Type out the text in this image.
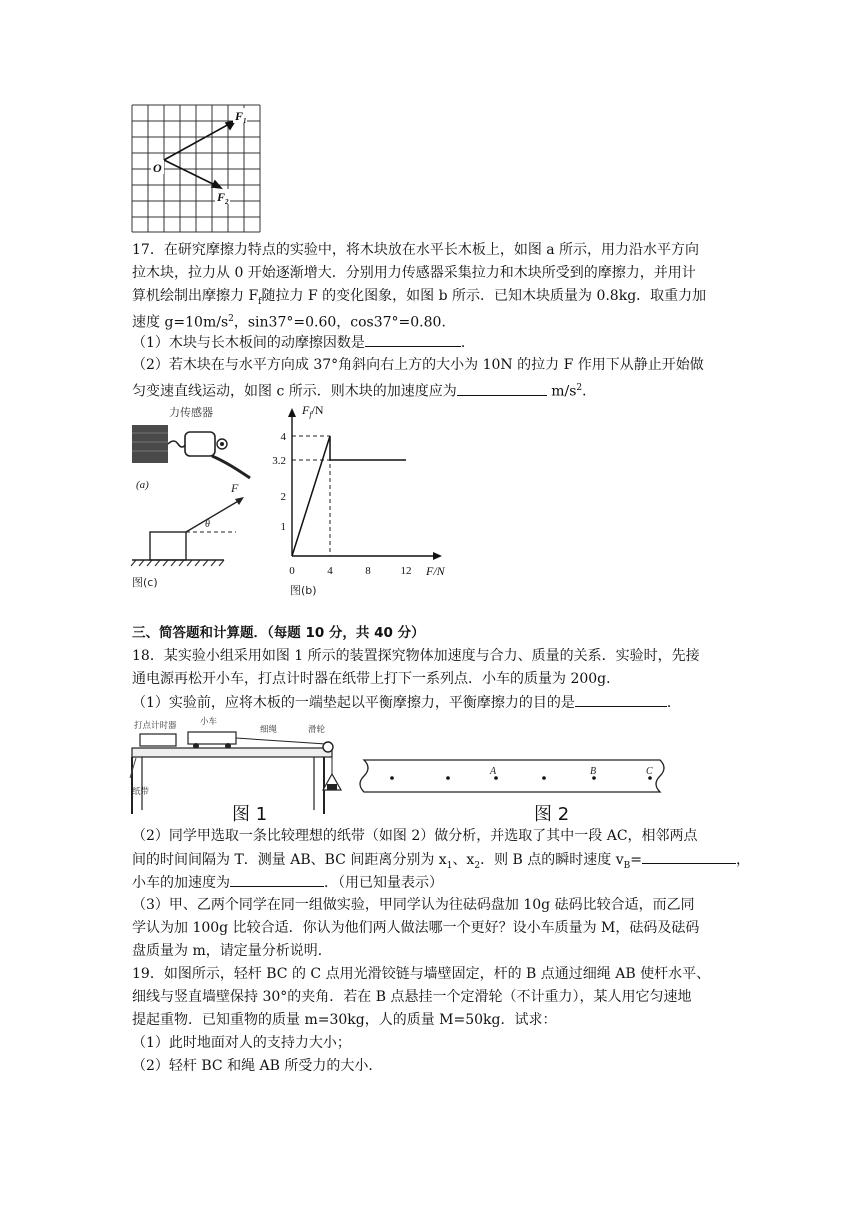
O
$F_1$
$F_2$
17．在研究摩擦力特点的实验中，将木块放在水平长木板上，如图 a 所示，用力沿水平方向
拉木块，拉力从 0 开始逐渐增大．分别用力传感器采集拉力和木块所受到的摩擦力，并用计
算机绘制出摩擦力 $F_f$随拉力 F 的变化图象，如图 b 所示．已知木块质量为 0.8kg．取重力加
速度 $g=10m/s^2$，sin37°=0.60，cos37°=0.80．
（1）木块与长木板间的动摩擦因数是	．
（2）若木块在与水平方向成 37°角斜向右上方的大小为 10N 的拉力 F 作用下从静止开始做
匀变速直线运动，如图 c 所示．则木块的加速度应为	$m/s^2$．
力传感器
(a)	F
θ
图(c)
$F_f/N$
F/N
图(b)
1
2
3.2
4
0	4	8	12
三、简答题和计算题．（每题 10 分，共 40 分）
18．某实验小组采用如图 1 所示的装置探究物体加速度与合力、质量的关系．实验时，先接
通电源再松开小车，打点计时器在纸带上打下一系列点．小车的质量为 200g．
（1）实验前，应将木板的一端垫起以平衡摩擦力，平衡摩擦力的目的是	．
打点计时器	小车
细绳	滑轮
纸带
图 1
A	B	C
图 2
（2）同学甲选取一条比较理想的纸带（如图 2）做分析，并选取了其中一段 AC，相邻两点
间的时间间隔为 T．测量 AB、BC 间距离分别为 $x_1$、$x_2$．则 B 点的瞬时速度 $v_B=$	，
小车的加速度为	．（用已知量表示）
（3）甲、乙两个同学在同一组做实验，甲同学认为往砝码盘加 10g 砝码比较合适，而乙同
学认为加 100g 比较合适．你认为他们两人做法哪一个更好？设小车质量为 M，砝码及砝码
盘质量为 m，请定量分析说明．
19．如图所示，轻杆 BC 的 C 点用光滑铰链与墙壁固定，杆的 B 点通过细绳 AB 使杆水平、
细线与竖直墙壁保持 30°的夹角．若在 B 点悬挂一个定滑轮（不计重力），某人用它匀速地
提起重物．已知重物的质量 m=30kg，人的质量 M=50kg．试求：
（1）此时地面对人的支持力大小；
（2）轻杆 BC 和绳 AB 所受力的大小．
